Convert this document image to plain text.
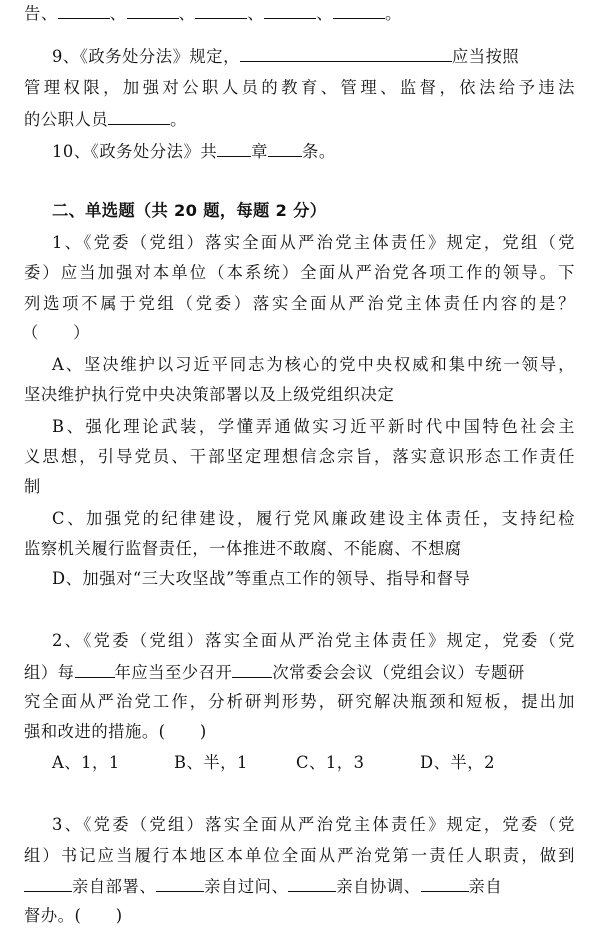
告、	、	、	、	、	。
9、《政务处分法》规定，	应当按照
管理权限，加强对公职人员的教育、管理、监督，依法给予违法
的公职人员	。
10、《政务处分法》共 章 条。
二、单选题（共 20 题，每题 2 分）
1、《党委（党组）落实全面从严治党主体责任》规定，党组（党
委）应当加强对本单位（本系统）全面从严治党各项工作的领导。下
列选项不属于党组（党委）落实全面从严治党主体责任内容的是？
（      ）
A、坚决维护以习近平同志为核心的党中央权威和集中统一领导，
坚决维护执行党中央决策部署以及上级党组织决定
B、强化理论武装，学懂弄通做实习近平新时代中国特色社会主
义思想，引导党员、干部坚定理想信念宗旨，落实意识形态工作责任
制
C、加强党的纪律建设，履行党风廉政建设主体责任，支持纪检
监察机关履行监督责任，一体推进不敢腐、不能腐、不想腐
D、加强对“三大攻坚战”等重点工作的领导、指导和督导
2、《党委（党组）落实全面从严治党主体责任》规定，党委（党
组）每 年应当至少召开 次常委会会议（党组会议）专题研
究全面从严治党工作，分析研判形势，研究解决瓶颈和短板，提出加
强和改进的措施。(      )
A、1，1	B、半，1	C、1，3	D、半，2
3、《党委（党组）落实全面从严治党主体责任》规定，党委（党
组）书记应当履行本地区本单位全面从严治党第一责任人职责，做到
亲自部署、	亲自过问、	亲自协调、	亲自
督办。(      )
